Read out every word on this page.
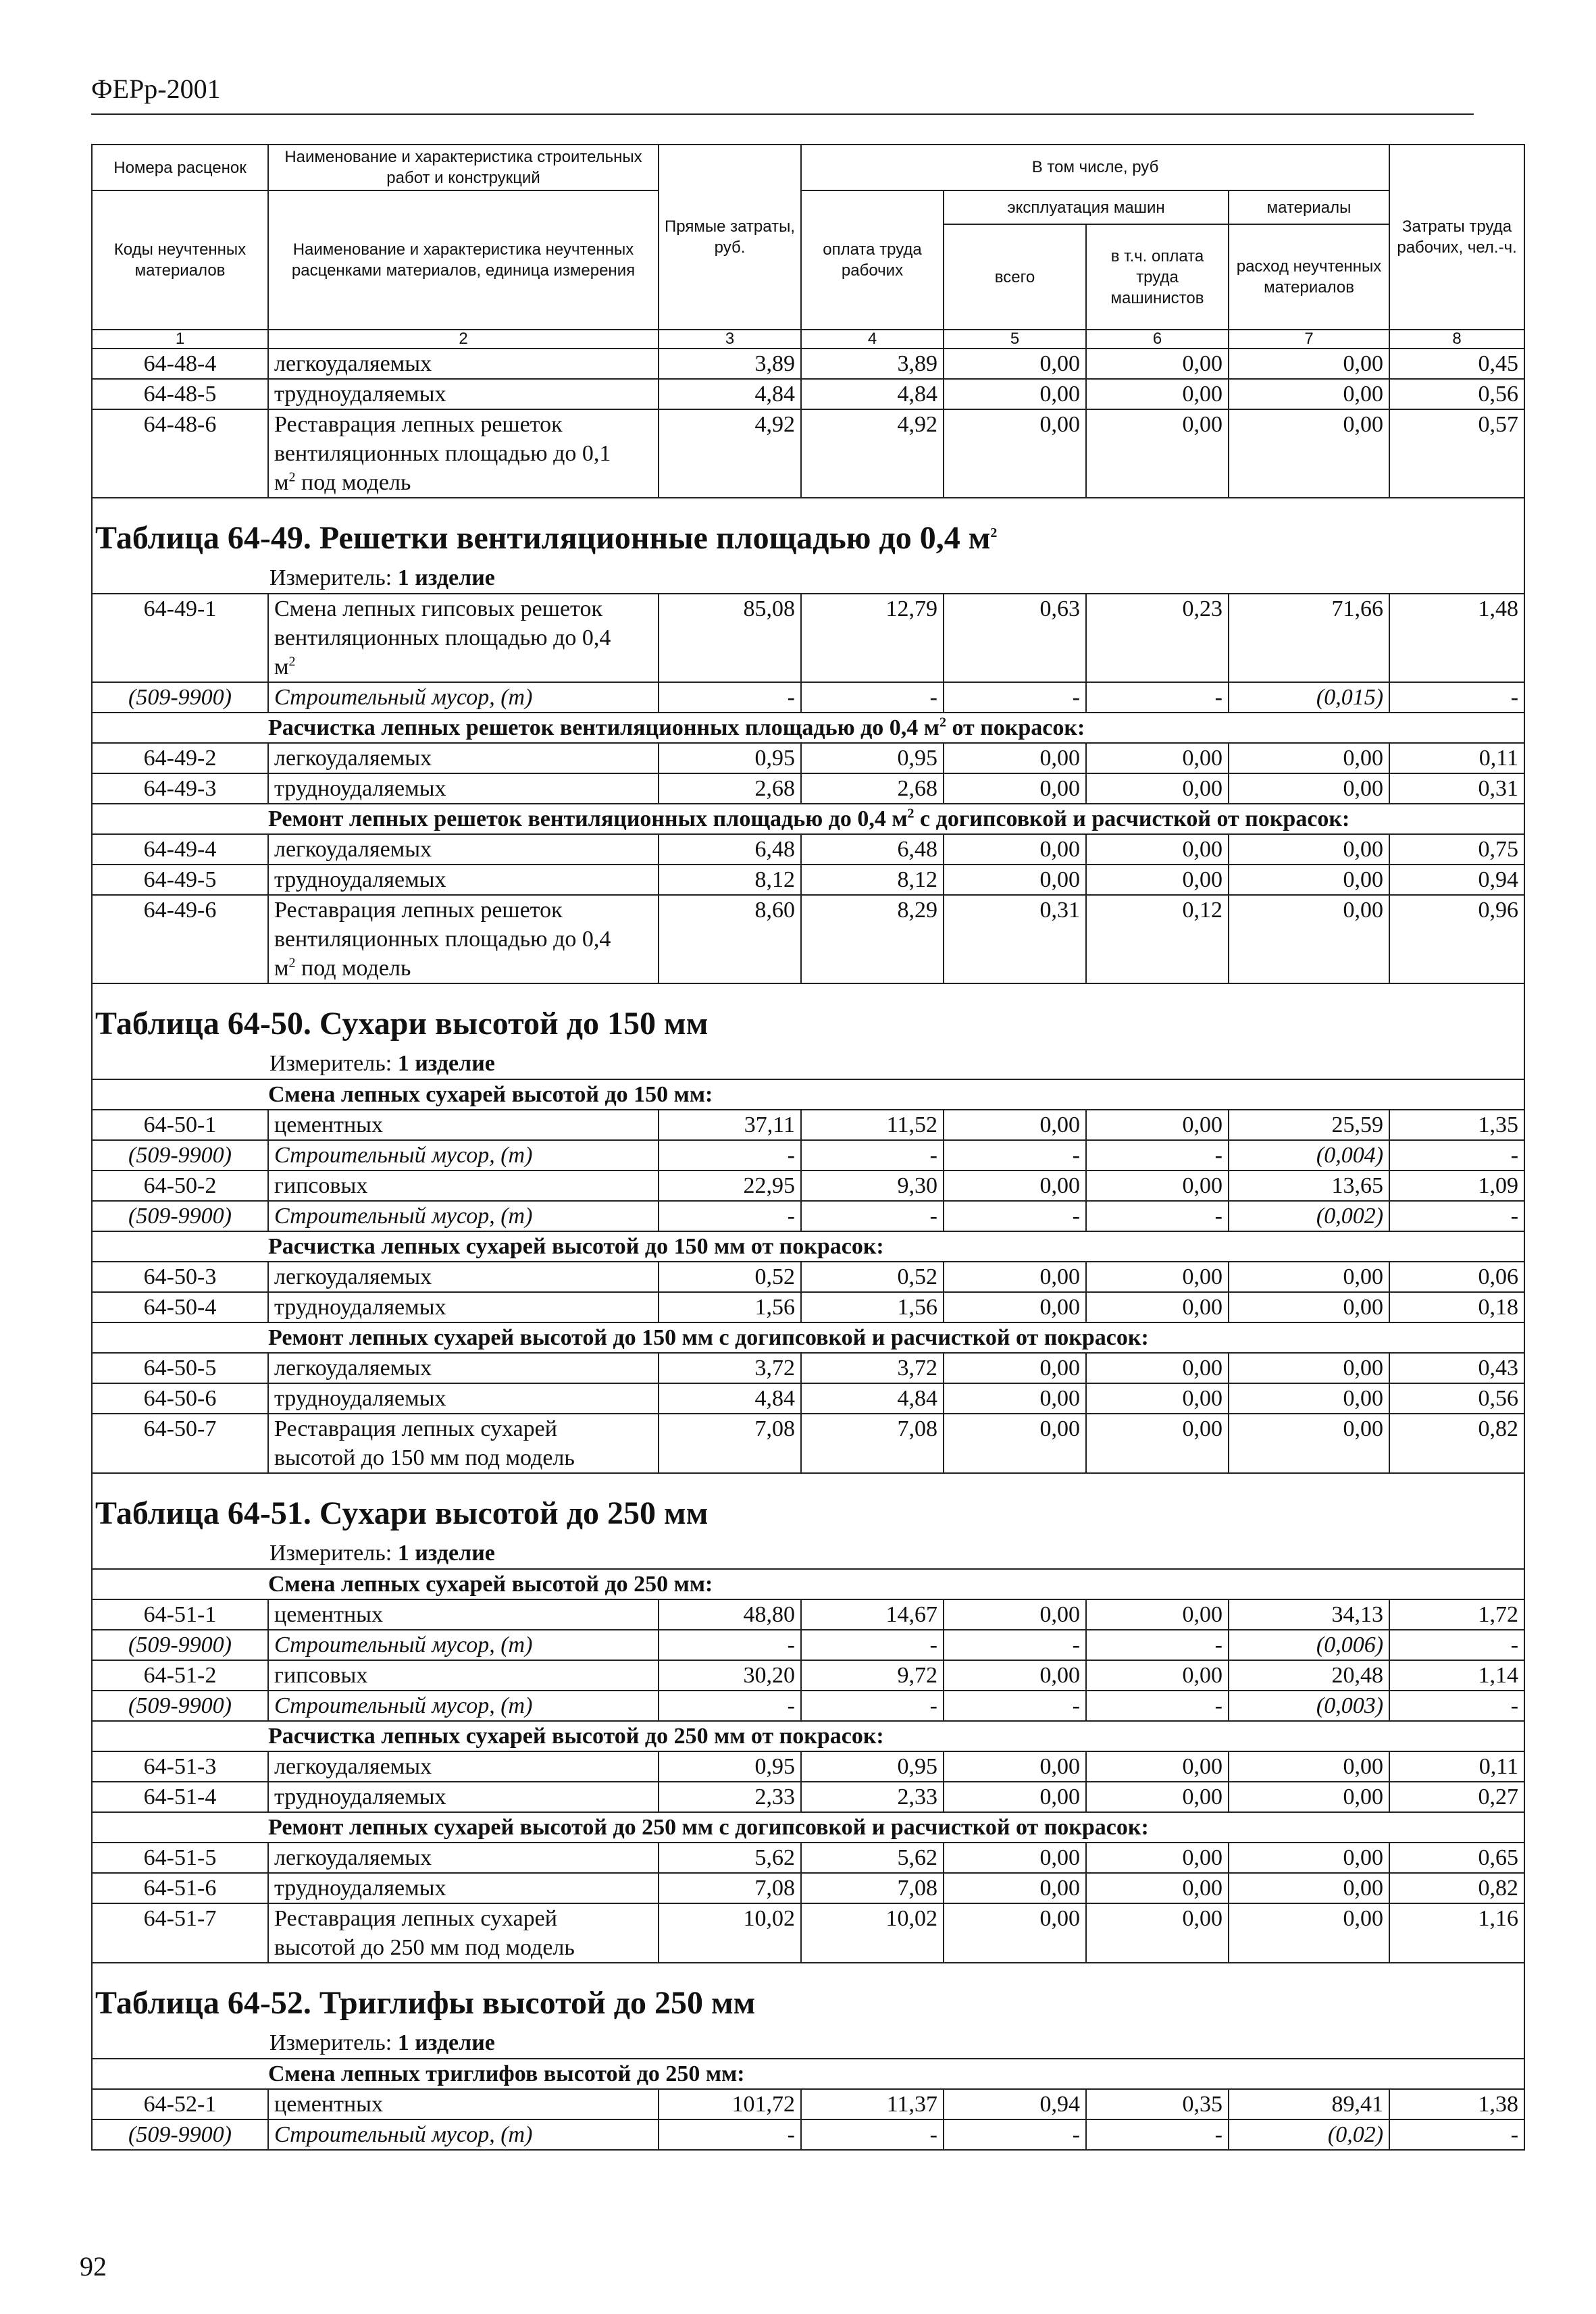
ФЕРр-2001
Номера расценок	Наименование и характеристика строительных работ и конструкций	Прямые затраты, руб.	В том числе, руб				Затраты труда рабочих, чел.-ч.
Коды неучтенных материалов	Наименование и характеристика неучтенных расценками материалов, единица измерения		оплата труда рабочих	эксплуатация машин		материалы	
				всего	в т.ч. оплата труда машинистов	расход неучтенных материалов	
1	2	3	4	5	6	7	8
64-48-4	легкоудаляемых	3,89	3,89	0,00	0,00	0,00	0,45
64-48-5	трудноудаляемых	4,84	4,84	0,00	0,00	0,00	0,56
64-48-6	Реставрация лепных решеток
вентиляционных площадью до 0,1
$м^2$ под модель	4,92	4,92	0,00	0,00	0,00	0,57
Таблица 64-49. Решетки вентиляционные площадью до 0,4 $м^2$
Измеритель: 1 изделие							
64-49-1	Смена лепных гипсовых решеток
вентиляционных площадью до 0,4
$м^2$	85,08	12,79	0,63	0,23	71,66	1,48
(509-9900)	Строительный мусор, (т)	-	-	-	-	(0,015)	-
Расчистка лепных решеток вентиляционных площадью до 0,4 $м^2$ от покрасок:							
64-49-2	легкоудаляемых	0,95	0,95	0,00	0,00	0,00	0,11
64-49-3	трудноудаляемых	2,68	2,68	0,00	0,00	0,00	0,31
Ремонт лепных решеток вентиляционных площадью до 0,4 $м^2$ с догипсовкой и расчисткой от покрасок:							
64-49-4	легкоудаляемых	6,48	6,48	0,00	0,00	0,00	0,75
64-49-5	трудноудаляемых	8,12	8,12	0,00	0,00	0,00	0,94
64-49-6	Реставрация лепных решеток
вентиляционных площадью до 0,4
$м^2$ под модель	8,60	8,29	0,31	0,12	0,00	0,96
Таблица 64-50. Сухари высотой до 150 мм							
Измеритель: 1 изделие							
Смена лепных сухарей высотой до 150 мм:							
64-50-1	цементных	37,11	11,52	0,00	0,00	25,59	1,35
(509-9900)	Строительный мусор, (т)	-	-	-	-	(0,004)	-
64-50-2	гипсовых	22,95	9,30	0,00	0,00	13,65	1,09
(509-9900)	Строительный мусор, (т)	-	-	-	-	(0,002)	-
Расчистка лепных сухарей высотой до 150 мм от покрасок:							
64-50-3	легкоудаляемых	0,52	0,52	0,00	0,00	0,00	0,06
64-50-4	трудноудаляемых	1,56	1,56	0,00	0,00	0,00	0,18
Ремонт лепных сухарей высотой до 150 мм с догипсовкой и расчисткой от покрасок:							
64-50-5	легкоудаляемых	3,72	3,72	0,00	0,00	0,00	0,43
64-50-6	трудноудаляемых	4,84	4,84	0,00	0,00	0,00	0,56
64-50-7	Реставрация лепных сухарей
высотой до 150 мм под модель	7,08	7,08	0,00	0,00	0,00	0,82
Таблица 64-51. Сухари высотой до 250 мм							
Измеритель: 1 изделие							
Смена лепных сухарей высотой до 250 мм:							
64-51-1	цементных	48,80	14,67	0,00	0,00	34,13	1,72
(509-9900)	Строительный мусор, (т)	-	-	-	-	(0,006)	-
64-51-2	гипсовых	30,20	9,72	0,00	0,00	20,48	1,14
(509-9900)	Строительный мусор, (т)	-	-	-	-	(0,003)	-
Расчистка лепных сухарей высотой до 250 мм от покрасок:							
64-51-3	легкоудаляемых	0,95	0,95	0,00	0,00	0,00	0,11
64-51-4	трудноудаляемых	2,33	2,33	0,00	0,00	0,00	0,27
Ремонт лепных сухарей высотой до 250 мм с догипсовкой и расчисткой от покрасок:							
64-51-5	легкоудаляемых	5,62	5,62	0,00	0,00	0,00	0,65
64-51-6	трудноудаляемых	7,08	7,08	0,00	0,00	0,00	0,82
64-51-7	Реставрация лепных сухарей
высотой до 250 мм под модель	10,02	10,02	0,00	0,00	0,00	1,16
Таблица 64-52. Триглифы высотой до 250 мм							
Измеритель: 1 изделие							
Смена лепных триглифов высотой до 250 мм:							
64-52-1	цементных	101,72	11,37	0,94	0,35	89,41	1,38
(509-9900)	Строительный мусор, (т)	-	-	-	-	(0,02)	-
92
